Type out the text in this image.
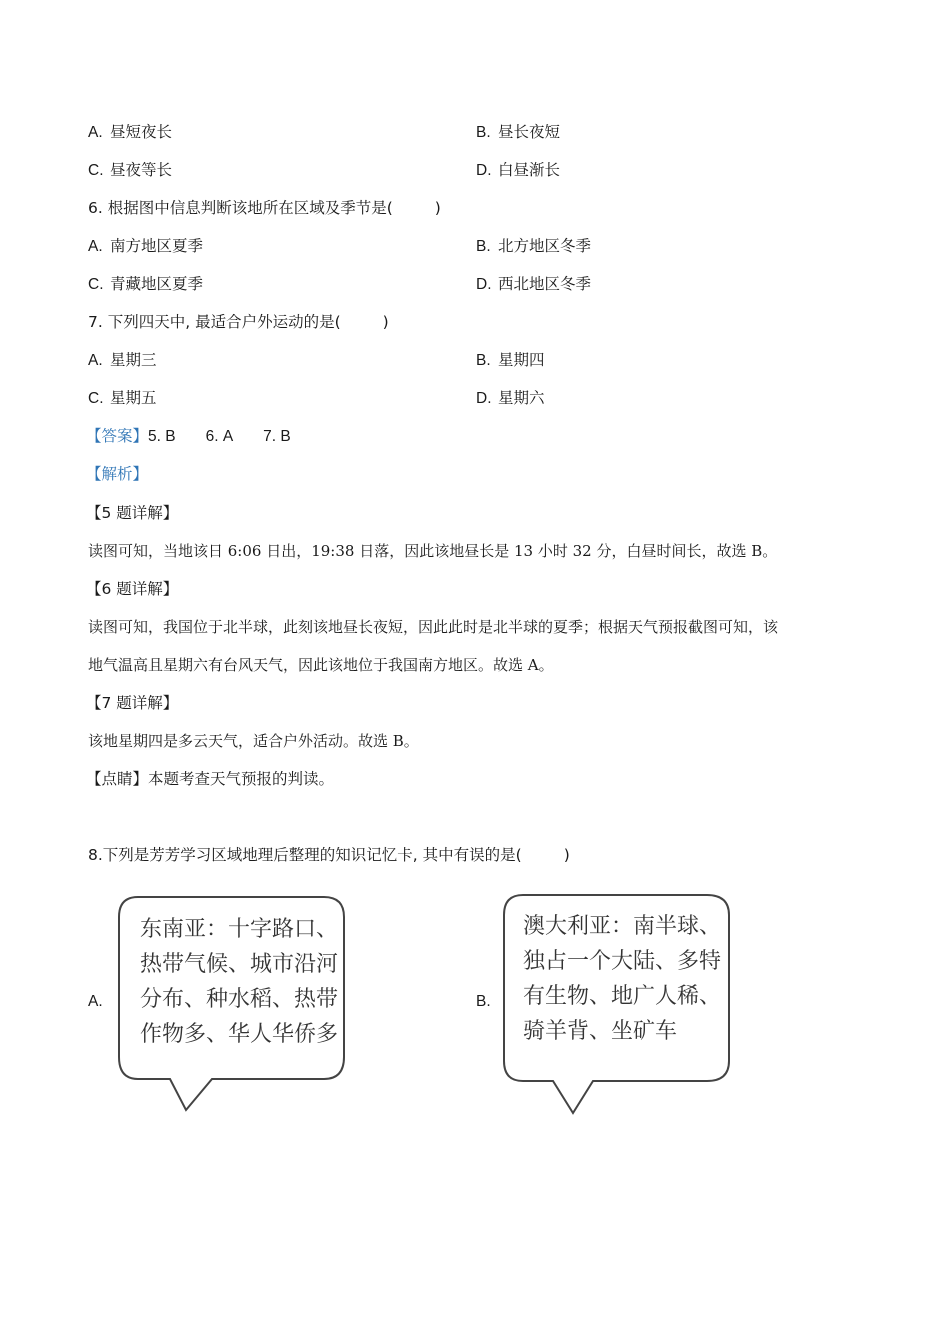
A. 昼短夜长	B. 昼长夜短
C. 昼夜等长	D. 白昼渐长
6. 根据图中信息判断该地所在区域及季节是(	)
A. 南方地区夏季	B. 北方地区冬季
C. 青藏地区夏季	D. 西北地区冬季
7. 下列四天中, 最适合户外运动的是(	)
A. 星期三	B. 星期四
C. 星期五	D. 星期六
【答案】5. B 6. A 7. B
【解析】
【5 题详解】
读图可知，当地该日 6:06 日出，19:38 日落，因此该地昼长是 13 小时 32 分，白昼时间长，故选 B。
【6 题详解】
读图可知，我国位于北半球，此刻该地昼长夜短，因此此时是北半球的夏季；根据天气预报截图可知，该
地气温高且星期六有台风天气，因此该地位于我国南方地区。故选 A。
【7 题详解】
该地星期四是多云天气，适合户外活动。故选 B。
【点睛】本题考查天气预报的判读。
8.下列是芳芳学习区域地理后整理的知识记忆卡, 其中有误的是(	)
A.
东南亚：十字路口、
热带气候、城市沿河
分布、种水稻、热带
作物多、华人华侨多
B.
澳大利亚：南半球、
独占一个大陆、多特
有生物、地广人稀、
骑羊背、坐矿车
